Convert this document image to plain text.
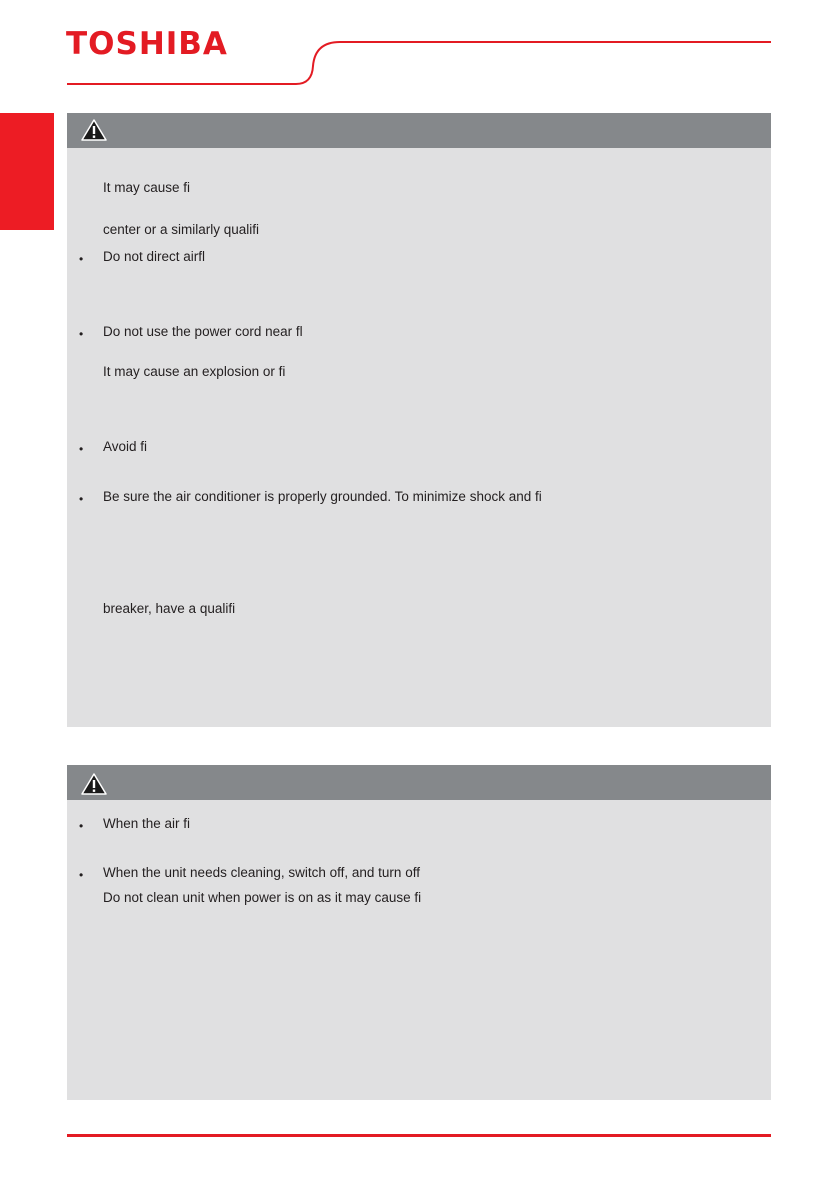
TOSHIBA
It may cause fi
center or a similarly qualifi
• Do not direct airfl
• Do not use the power cord near fl
It may cause an explosion or fi
• Avoid fi
• Be sure the air conditioner is properly grounded. To minimize shock and fi
breaker, have a qualifi
• When the air fi
• When the unit needs cleaning, switch off, and turn off
Do not clean unit when power is on as it may cause fi
